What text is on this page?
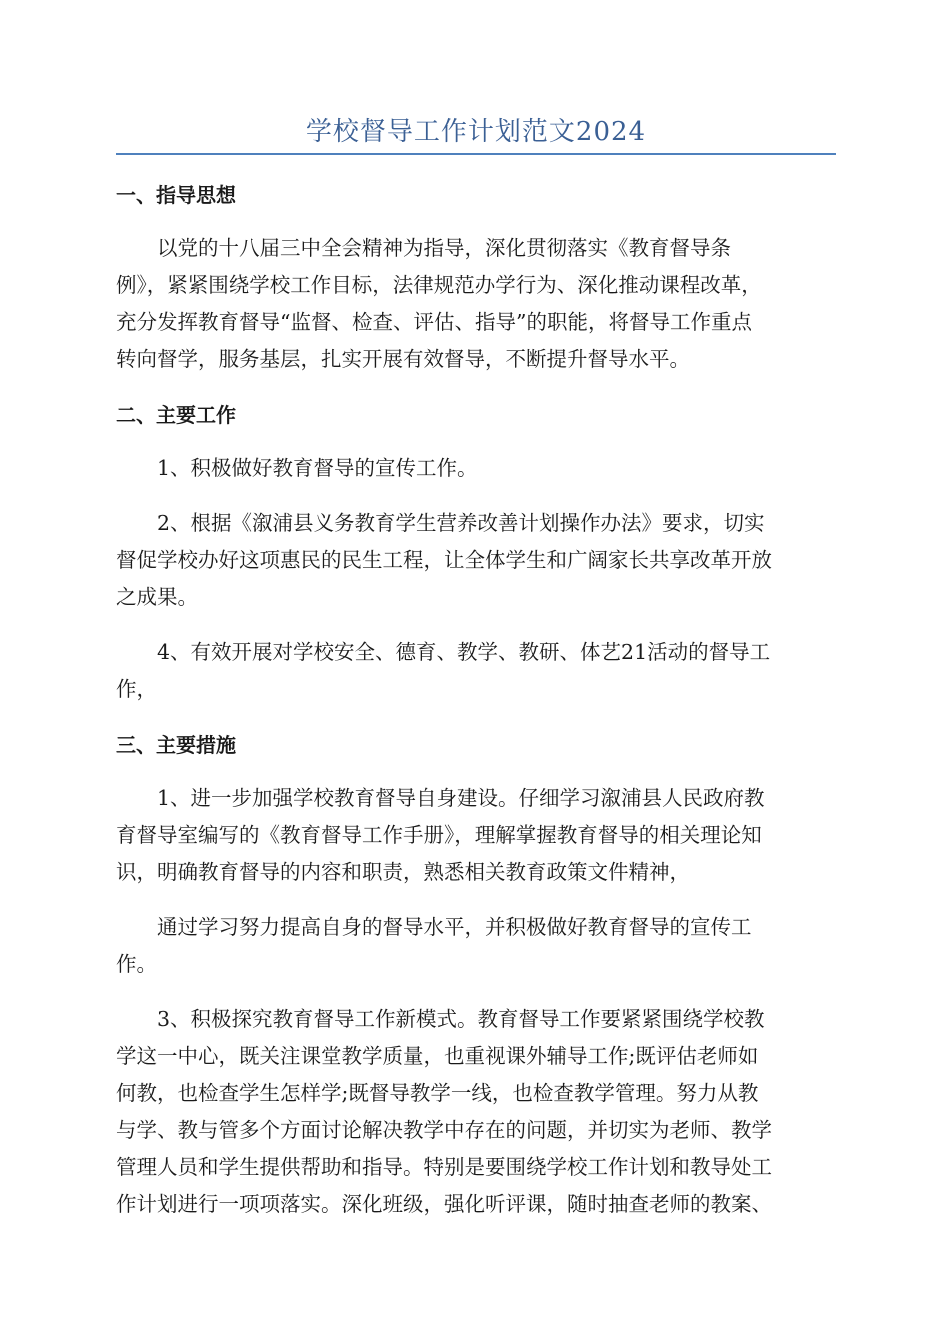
学校督导工作计划范文2024
一、指导思想
以党的十八届三中全会精神为指导，深化贯彻落实《教育督导条
例》，紧紧围绕学校工作目标，法律规范办学行为、深化推动课程改革，
充分发挥教育督导“监督、检查、评估、指导”的职能，将督导工作重点
转向督学，服务基层，扎实开展有效督导，不断提升督导水平。
二、主要工作
1、积极做好教育督导的宣传工作。
2、根据《溆浦县义务教育学生营养改善计划操作办法》要求，切实
督促学校办好这项惠民的民生工程，让全体学生和广阔家长共享改革开放
之成果。
4、有效开展对学校安全、德育、教学、教研、体艺21活动的督导工
作，
三、主要措施
1、进一步加强学校教育督导自身建设。仔细学习溆浦县人民政府教
育督导室编写的《教育督导工作手册》，理解掌握教育督导的相关理论知
识，明确教育督导的内容和职责，熟悉相关教育政策文件精神，
通过学习努力提高自身的督导水平，并积极做好教育督导的宣传工
作。
3、积极探究教育督导工作新模式。教育督导工作要紧紧围绕学校教
学这一中心，既关注课堂教学质量，也重视课外辅导工作;既评估老师如
何教，也检查学生怎样学;既督导教学一线，也检查教学管理。努力从教
与学、教与管多个方面讨论解决教学中存在的问题，并切实为老师、教学
管理人员和学生提供帮助和指导。特别是要围绕学校工作计划和教导处工
作计划进行一项项落实。深化班级，强化听评课，随时抽查老师的教案、
